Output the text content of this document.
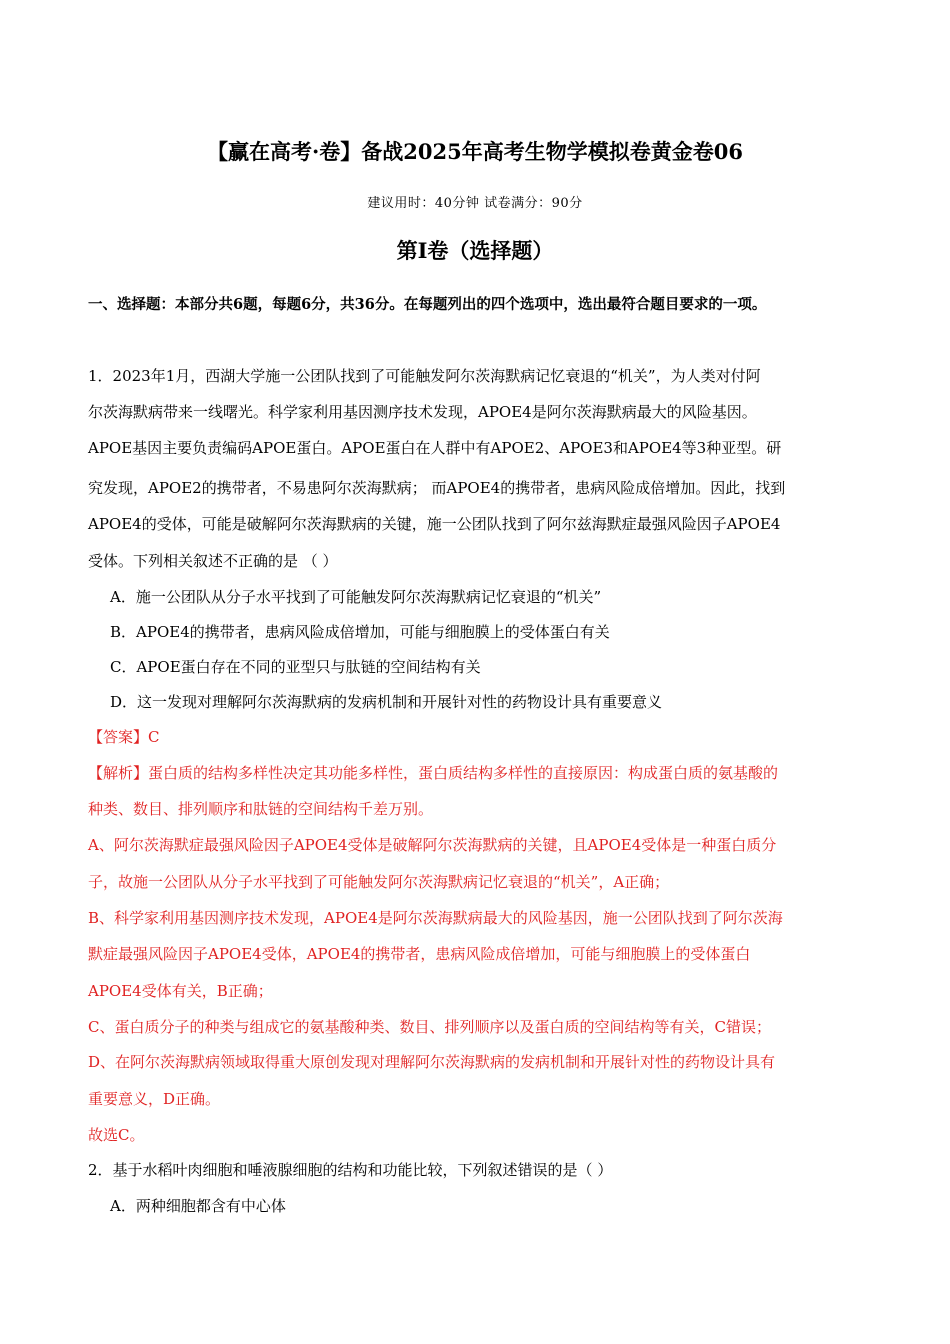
【赢在高考·卷】备战2025年高考生物学模拟卷黄金卷06
建议用时：40分钟 试卷满分：90分
第I卷（选择题）
一、选择题：本部分共6题，每题6分，共36分。在每题列出的四个选项中，选出最符合题目要求的一项。
1．2023年1月，西湖大学施一公团队找到了可能触发阿尔茨海默病记忆衰退的“机关”，为人类对付阿
尔茨海默病带来一线曙光。科学家利用基因测序技术发现，APOE4是阿尔茨海默病最大的风险基因。
APOE基因主要负责编码APOE蛋白。APOE蛋白在人群中有APOE2、APOE3和APOE4等3种亚型。研
究发现，APOE2的携带者，不易患阿尔茨海默病； 而APOE4的携带者，患病风险成倍增加。因此，找到
APOE4的受体，可能是破解阿尔茨海默病的关键，施一公团队找到了阿尔兹海默症最强风险因子APOE4
受体。下列相关叙述不正确的是 （ ）
A．施一公团队从分子水平找到了可能触发阿尔茨海默病记忆衰退的“机关”
B．APOE4的携带者，患病风险成倍增加，可能与细胞膜上的受体蛋白有关
C．APOE蛋白存在不同的亚型只与肽链的空间结构有关
D．这一发现对理解阿尔茨海默病的发病机制和开展针对性的药物设计具有重要意义
【答案】C
【解析】蛋白质的结构多样性决定其功能多样性，蛋白质结构多样性的直接原因：构成蛋白质的氨基酸的
种类、数目、排列顺序和肽链的空间结构千差万别。
A、阿尔茨海默症最强风险因子APOE4受体是破解阿尔茨海默病的关键，且APOE4受体是一种蛋白质分
子，故施一公团队从分子水平找到了可能触发阿尔茨海默病记忆衰退的“机关”，A正确；
B、科学家利用基因测序技术发现，APOE4是阿尔茨海默病最大的风险基因，施一公团队找到了阿尔茨海
默症最强风险因子APOE4受体，APOE4的携带者，患病风险成倍增加，可能与细胞膜上的受体蛋白
APOE4受体有关，B正确；
C、蛋白质分子的种类与组成它的氨基酸种类、数目、排列顺序以及蛋白质的空间结构等有关，C错误；
D、在阿尔茨海默病领域取得重大原创发现对理解阿尔茨海默病的发病机制和开展针对性的药物设计具有
重要意义，D正确。
故选C。
2．基于水稻叶肉细胞和唾液腺细胞的结构和功能比较，下列叙述错误的是（ ）
A．两种细胞都含有中心体
